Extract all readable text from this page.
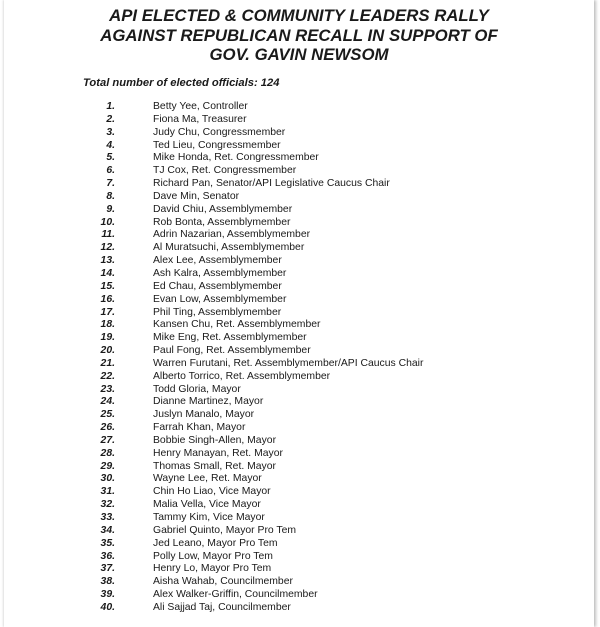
API ELECTED & COMMUNITY LEADERS RALLY
AGAINST REPUBLICAN RECALL IN SUPPORT OF
GOV. GAVIN NEWSOM
Total number of elected officials: 124
1.	Betty Yee, Controller
2.	Fiona Ma, Treasurer
3.	Judy Chu, Congressmember
4.	Ted Lieu, Congressmember
5.	Mike Honda, Ret. Congressmember
6.	TJ Cox, Ret. Congressmember
7.	Richard Pan, Senator/API Legislative Caucus Chair
8.	Dave Min, Senator
9.	David Chiu, Assemblymember
10.	Rob Bonta, Assemblymember
11.	Adrin Nazarian, Assemblymember
12.	Al Muratsuchi, Assemblymember
13.	Alex Lee, Assemblymember
14.	Ash Kalra, Assemblymember
15.	Ed Chau, Assemblymember
16.	Evan Low, Assemblymember
17.	Phil Ting, Assemblymember
18.	Kansen Chu, Ret. Assemblymember
19.	Mike Eng, Ret. Assemblymember
20.	Paul Fong, Ret. Assemblymember
21.	Warren Furutani, Ret. Assemblymember/API Caucus Chair
22.	Alberto Torrico, Ret. Assemblymember
23.	Todd Gloria, Mayor
24.	Dianne Martinez, Mayor
25.	Juslyn Manalo, Mayor
26.	Farrah Khan, Mayor
27.	Bobbie Singh-Allen, Mayor
28.	Henry Manayan, Ret. Mayor
29.	Thomas Small, Ret. Mayor
30.	Wayne Lee, Ret. Mayor
31.	Chin Ho Liao, Vice Mayor
32.	Malia Vella, Vice Mayor
33.	Tammy Kim, Vice Mayor
34.	Gabriel Quinto, Mayor Pro Tem
35.	Jed Leano, Mayor Pro Tem
36.	Polly Low, Mayor Pro Tem
37.	Henry Lo, Mayor Pro Tem
38.	Aisha Wahab, Councilmember
39.	Alex Walker-Griffin, Councilmember
40.	Ali Sajjad Taj, Councilmember
